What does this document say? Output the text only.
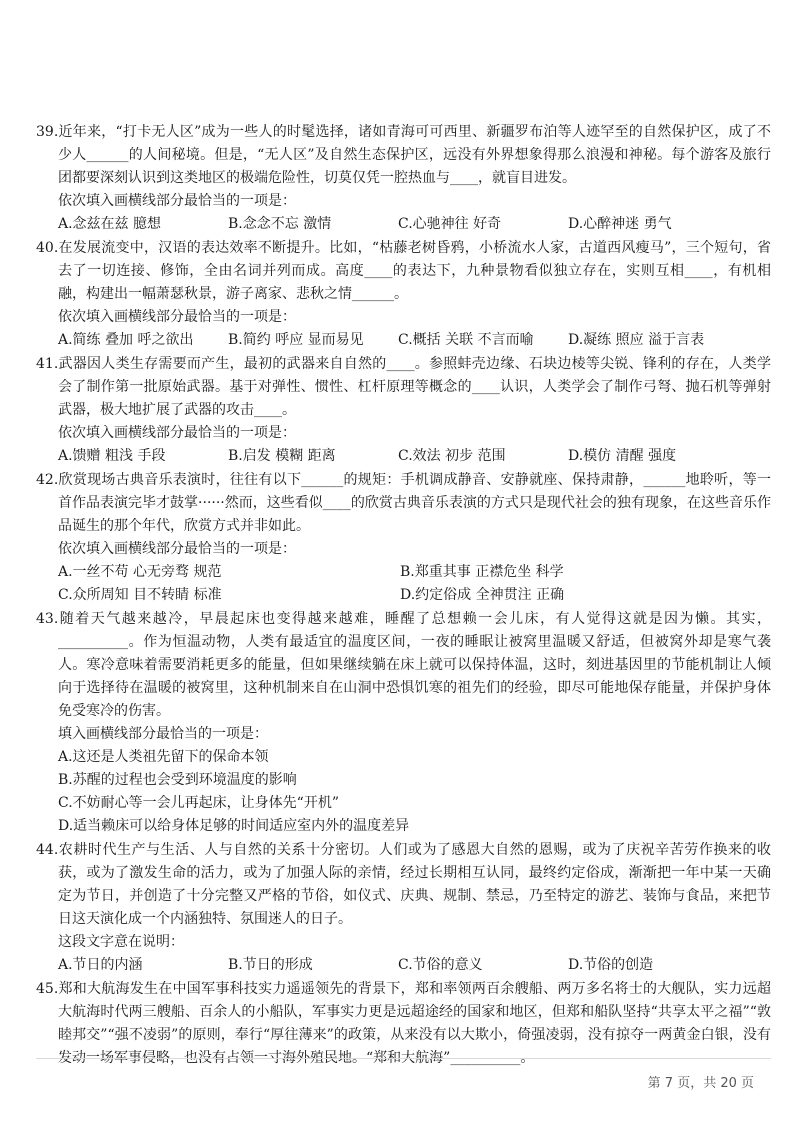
39.近年来，“打卡无人区”成为一些人的时髦选择，诸如青海可可西里、新疆罗布泊等人迹罕至的自然保护区，成了不少人______的人间秘境。但是，“无人区”及自然生态保护区，远没有外界想象得那么浪漫和神秘。每个游客及旅行团都要深刻认识到这类地区的极端危险性，切莫仅凭一腔热血与____，就盲目进发。
依次填入画横线部分最恰当的一项是：
A.念兹在兹 臆想	B.念念不忘 激情	C.心驰神往 好奇	D.心醉神迷 勇气
40.在发展流变中，汉语的表达效率不断提升。比如，“枯藤老树昏鸦，小桥流水人家，古道西风瘦马”，三个短句，省去了一切连接、修饰，全由名词并列而成。高度____的表达下，九种景物看似独立存在，实则互相____，有机相融，构建出一幅萧瑟秋景，游子离家、悲秋之情______。
依次填入画横线部分最恰当的一项是：
A.简练 叠加 呼之欲出	B.简约 呼应 显而易见	C.概括 关联 不言而喻	D.凝练 照应 溢于言表
41.武器因人类生存需要而产生，最初的武器来自自然的____。参照蚌壳边缘、石块边棱等尖锐、锋利的存在，人类学会了制作第一批原始武器。基于对弹性、惯性、杠杆原理等概念的____认识，人类学会了制作弓弩、抛石机等弹射武器，极大地扩展了武器的攻击____。
依次填入画横线部分最恰当的一项是：
A.馈赠 粗浅 手段	B.启发 模糊 距离	C.效法 初步 范围	D.模仿 清醒 强度
42.欣赏现场古典音乐表演时，往往有以下______的规矩：手机调成静音、安静就座、保持肃静，______地聆听，等一首作品表演完毕才鼓掌······然而，这些看似____的欣赏古典音乐表演的方式只是现代社会的独有现象，在这些音乐作品诞生的那个年代，欣赏方式并非如此。
依次填入画横线部分最恰当的一项是：
A.一丝不苟 心无旁骛 规范	B.郑重其事 正襟危坐 科学
C.众所周知 目不转睛 标准	D.约定俗成 全神贯注 正确
43.随着天气越来越冷，早晨起床也变得越来越难，睡醒了总想赖一会儿床，有人觉得这就是因为懒。其实，__________。作为恒温动物，人类有最适宜的温度区间，一夜的睡眠让被窝里温暖又舒适，但被窝外却是寒气袭人。寒冷意味着需要消耗更多的能量，但如果继续躺在床上就可以保持体温，这时，刻进基因里的节能机制让人倾向于选择待在温暖的被窝里，这种机制来自在山洞中恐惧饥寒的祖先们的经验，即尽可能地保存能量，并保护身体免受寒冷的伤害。
填入画横线部分最恰当的一项是：
A.这还是人类祖先留下的保命本领
B.苏醒的过程也会受到环境温度的影响
C.不妨耐心等一会儿再起床，让身体先“开机”
D.适当赖床可以给身体足够的时间适应室内外的温度差异
44.农耕时代生产与生活、人与自然的关系十分密切。人们或为了感恩大自然的恩赐，或为了庆祝辛苦劳作换来的收获，或为了激发生命的活力，或为了加强人际的亲情，经过长期相互认同，最终约定俗成，渐渐把一年中某一天确定为节日，并创造了十分完整又严格的节俗，如仪式、庆典、规制、禁忌，乃至特定的游艺、装饰与食品，来把节日这天演化成一个内涵独特、氛围迷人的日子。
这段文字意在说明：
A.节日的内涵	B.节日的形成	C.节俗的意义	D.节俗的创造
45.郑和大航海发生在中国军事科技实力遥遥领先的背景下，郑和率领两百余艘船、两万多名将士的大舰队，实力远超大航海时代两三艘船、百余人的小船队，军事实力更是远超途经的国家和地区，但郑和船队坚持“共享太平之福”“敦睦邦交”“强不凌弱”的原则，奉行“厚往薄来”的政策，从来没有以大欺小，倚强凌弱，没有掠夺一两黄金白银，没有发动一场军事侵略，也没有占领一寸海外殖民地。“郑和大航海”__________。
第 7 页，共 20 页
